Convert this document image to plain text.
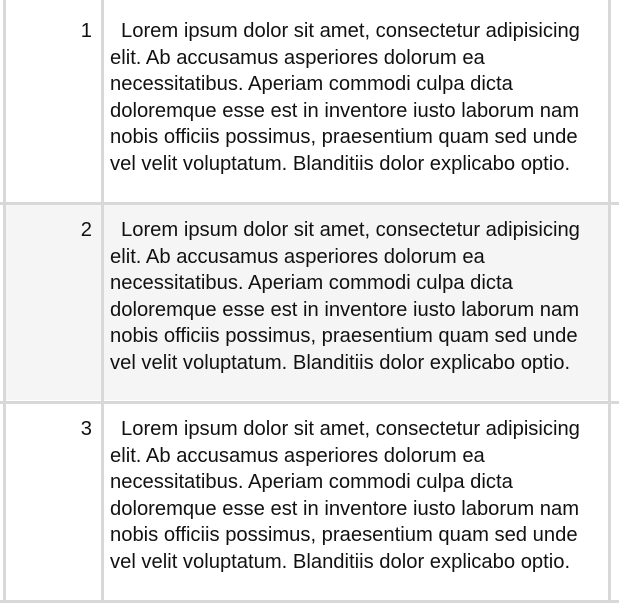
1	Lorem ipsum dolor sit amet, consectetur adipisicing elit. Ab accusamus asperiores dolorum ea necessitatibus. Aperiam commodi culpa dicta doloremque esse est in inventore iusto laborum nam nobis officiis possimus, praesentium quam sed unde vel velit voluptatum. Blanditiis dolor explicabo optio.

2	Lorem ipsum dolor sit amet, consectetur adipisicing elit. Ab accusamus asperiores dolorum ea necessitatibus. Aperiam commodi culpa dicta doloremque esse est in inventore iusto laborum nam nobis officiis possimus, praesentium quam sed unde vel velit voluptatum. Blanditiis dolor explicabo optio.

3	Lorem ipsum dolor sit amet, consectetur adipisicing elit. Ab accusamus asperiores dolorum ea necessitatibus. Aperiam commodi culpa dicta doloremque esse est in inventore iusto laborum nam nobis officiis possimus, praesentium quam sed unde vel velit voluptatum. Blanditiis dolor explicabo optio.
